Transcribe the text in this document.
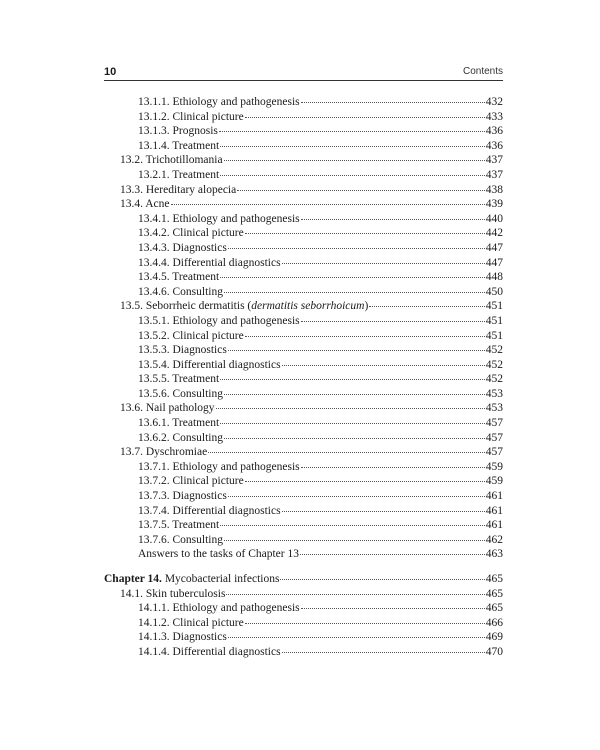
10	Contents
13.1.1. Ethiology and pathogenesis	432
13.1.2. Clinical picture	433
13.1.3. Prognosis	436
13.1.4. Treatment	436
13.2. Trichotillomania	437
13.2.1. Treatment	437
13.3. Hereditary alopecia	438
13.4. Acne	439
13.4.1. Ethiology and pathogenesis	440
13.4.2. Clinical picture	442
13.4.3. Diagnostics	447
13.4.4. Differential diagnostics	447
13.4.5. Treatment	448
13.4.6. Consulting	450
13.5. Seborrheic dermatitis (dermatitis seborrhoicum)	451
13.5.1. Ethiology and pathogenesis	451
13.5.2. Clinical picture	451
13.5.3. Diagnostics	452
13.5.4. Differential diagnostics	452
13.5.5. Treatment	452
13.5.6. Consulting	453
13.6. Nail pathology	453
13.6.1. Treatment	457
13.6.2. Consulting	457
13.7. Dyschromiae	457
13.7.1. Ethiology and pathogenesis	459
13.7.2. Clinical picture	459
13.7.3. Diagnostics	461
13.7.4. Differential diagnostics	461
13.7.5. Treatment	461
13.7.6. Consulting	462
Answers to the tasks of Chapter 13	463
Chapter 14. Mycobacterial infections	465
14.1. Skin tuberculosis	465
14.1.1. Ethiology and pathogenesis	465
14.1.2. Clinical picture	466
14.1.3. Diagnostics	469
14.1.4. Differential diagnostics	470
